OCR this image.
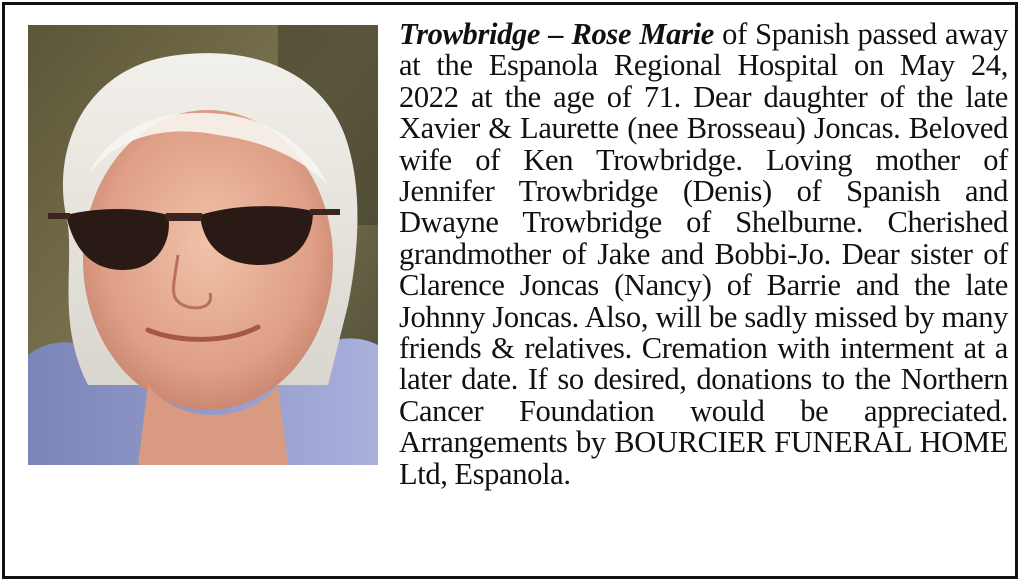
Trowbridge – Rose Marie of Spanish passed away at the Espanola Regional Hospital on May 24, 2022 at the age of 71. Dear daughter of the late Xavier & Laurette (nee Brosseau) Joncas. Beloved wife of Ken Trowbridge. Loving mother of Jennifer Trowbridge (Denis) of Spanish and Dwayne Trowbridge of Shelburne. Cherished grandmother of Jake and Bobbi-Jo. Dear sister of Clarence Joncas (Nancy) of Barrie and the late Johnny Joncas. Also, will be sadly missed by many friends & relatives. Cremation with interment at a later date. If so desired, donations to the Northern Cancer Foundation would be appreciated. Arrangements by BOURCIER FUNERAL HOME Ltd, Espanola.
